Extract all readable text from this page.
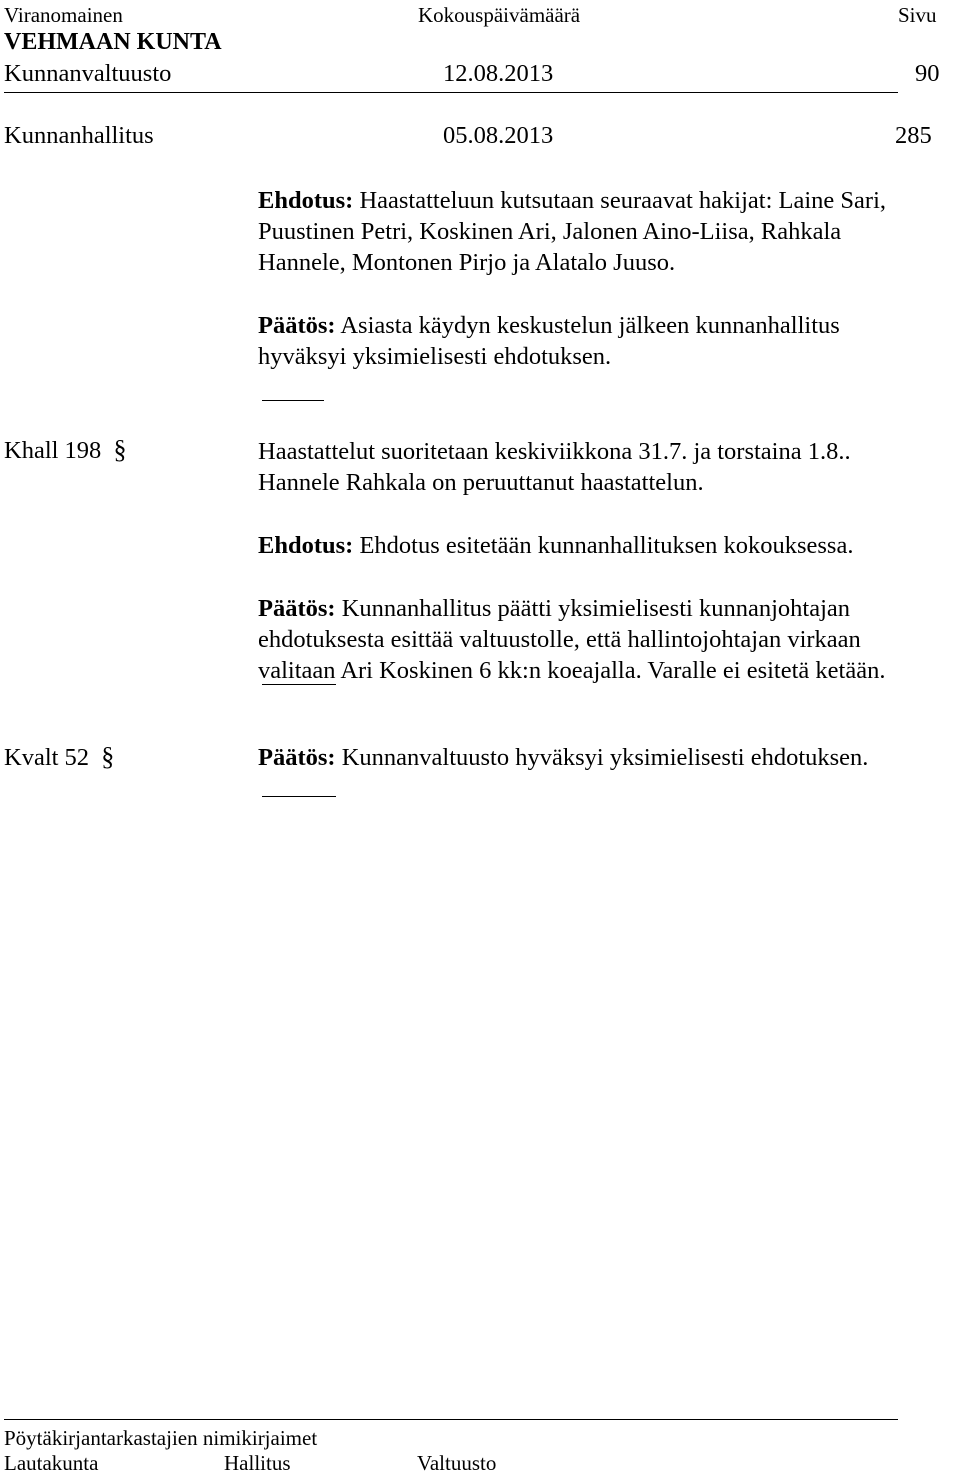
Viranomainen	Kokouspäivämäärä	Sivu
VEHMAAN KUNTA
Kunnanvaltuusto	12.08.2013	90
Kunnanhallitus	05.08.2013	285
Ehdotus: Haastatteluun kutsutaan seuraavat hakijat: Laine Sari,
Puustinen Petri, Koskinen Ari, Jalonen Aino-Liisa, Rahkala
Hannele, Montonen Pirjo ja Alatalo Juuso.
Päätös: Asiasta käydyn keskustelun jälkeen kunnanhallitus
hyväksyi yksimielisesti ehdotuksen.
Khall 198 §	Haastattelut suoritetaan keskiviikkona 31.7. ja torstaina 1.8..
Hannele Rahkala on peruuttanut haastattelun.
Ehdotus: Ehdotus esitetään kunnanhallituksen kokouksessa.
Päätös: Kunnanhallitus päätti yksimielisesti kunnanjohtajan
ehdotuksesta esittää valtuustolle, että hallintojohtajan virkaan
valitaan Ari Koskinen 6 kk:n koeajalla. Varalle ei esitetä ketään.
Kvalt 52 §	Päätös: Kunnanvaltuusto hyväksyi yksimielisesti ehdotuksen.
Pöytäkirjantarkastajien nimikirjaimet
Lautakunta	Hallitus	Valtuusto
